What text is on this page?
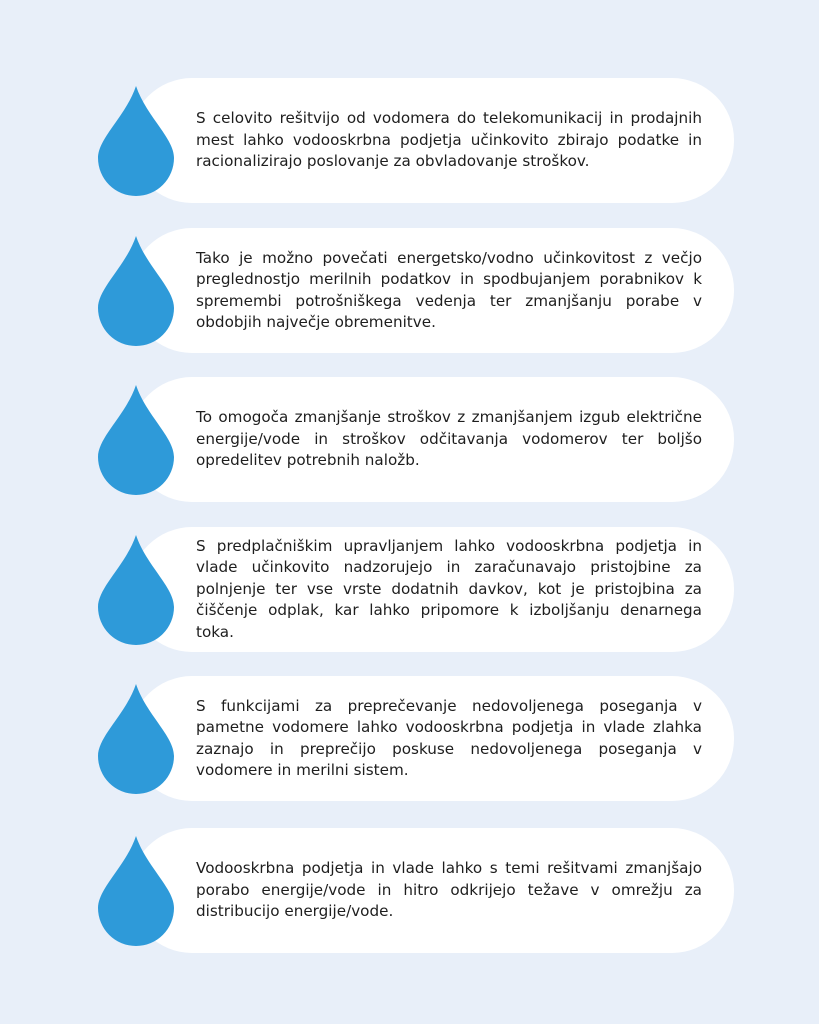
S celovito rešitvijo od vodomera do telekomunikacij in prodajnih mest lahko vodooskrbna podjetja učinkovito zbirajo podatke in racionalizirajo poslovanje za obvladovanje stroškov.

Tako je možno povečati energetsko/vodno učinkovitost z večjo preglednostjo merilnih podatkov in spodbujanjem porabnikov k spremembi potrošniškega vedenja ter zmanjšanju porabe v obdobjih največje obremenitve.

To omogoča zmanjšanje stroškov z zmanjšanjem izgub električne energije/vode in stroškov odčitavanja vodomerov ter boljšo opredelitev potrebnih naložb.

S predplačniškim upravljanjem lahko vodooskrbna podjetja in vlade učinkovito nadzorujejo in zaračunavajo pristojbine za polnjenje ter vse vrste dodatnih davkov, kot je pristojbina za čiščenje odplak, kar lahko pripomore k izboljšanju denarnega toka.

S funkcijami za preprečevanje nedovoljenega poseganja v pametne vodomere lahko vodooskrbna podjetja in vlade zlahka zaznajo in preprečijo poskuse nedovoljenega poseganja v vodomere in merilni sistem.

Vodooskrbna podjetja in vlade lahko s temi rešitvami zmanjšajo porabo energije/vode in hitro odkrijejo težave v omrežju za distribucijo energije/vode.
